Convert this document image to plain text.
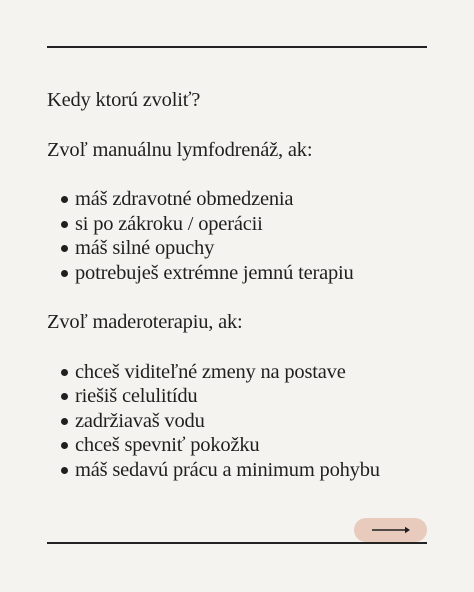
Kedy ktorú zvoliť?
Zvoľ manuálnu lymfodrenáž, ak:
máš zdravotné obmedzenia
si po zákroku / operácii
máš silné opuchy
potrebuješ extrémne jemnú terapiu
Zvoľ maderoterapiu, ak:
chceš viditeľné zmeny na postave
riešiš celulitídu
zadržiavaš vodu
chceš spevniť pokožku
máš sedavú prácu a minimum pohybu
